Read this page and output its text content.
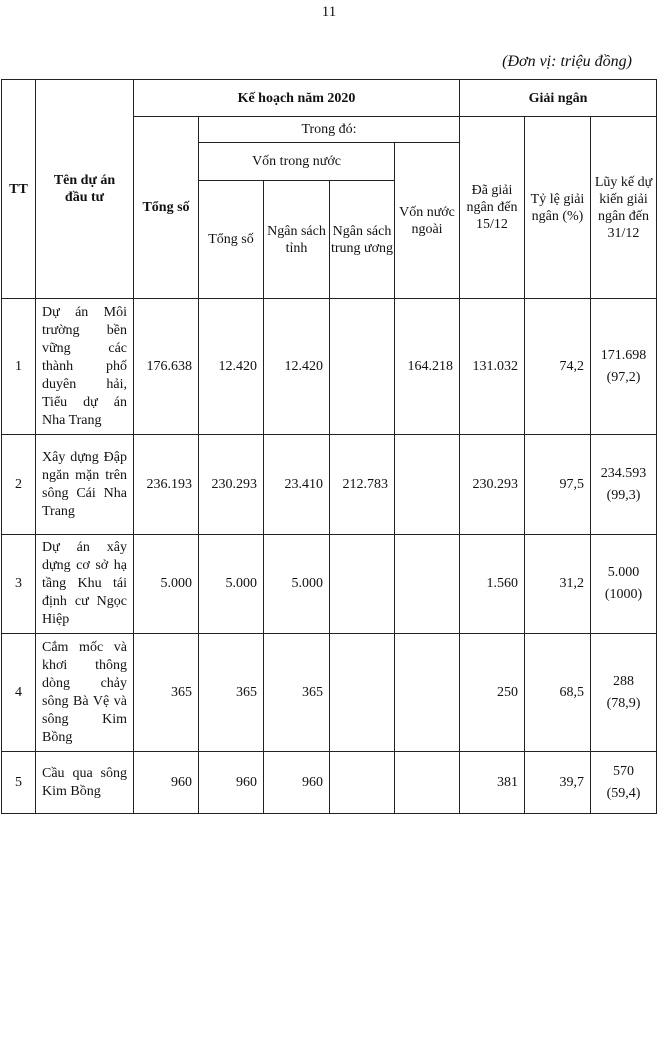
11
(Đơn vị: triệu đồng)
TT	Tên dự án đầu tư	Kế hoạch năm 2020					Giải ngân		
		Tổng số	Trong đó:				Đã giải ngân đến 15/12	Tỷ lệ giải ngân (%)	Lũy kế dự kiến giải ngân đến 31/12
			Vốn trong nước			Vốn nước ngoài			
			Tổng số	Ngân sách tỉnh	Ngân sách trung ương				
1	Dự án Môi trường bền vững các thành phố duyên hải, Tiểu dự án Nha Trang	176.638	12.420	12.420		164.218	131.032	74,2	171.698
(97,2)

2	Xây dựng Đập ngăn mặn trên sông Cái Nha Trang	236.193	230.293	23.410	212.783		230.293	97,5	234.593
(99,3)

3	Dự án xây dựng cơ sở hạ tầng Khu tái định cư Ngọc Hiệp	5.000	5.000	5.000			1.560	31,2	5.000
(1000)

4	Cắm mốc và khơi thông dòng chảy sông Bà Vệ và sông Kim Bồng	365	365	365			250	68,5	288
(78,9)

5	Cầu qua sông Kim Bồng	960	960	960			381	39,7	570
(59,4)
